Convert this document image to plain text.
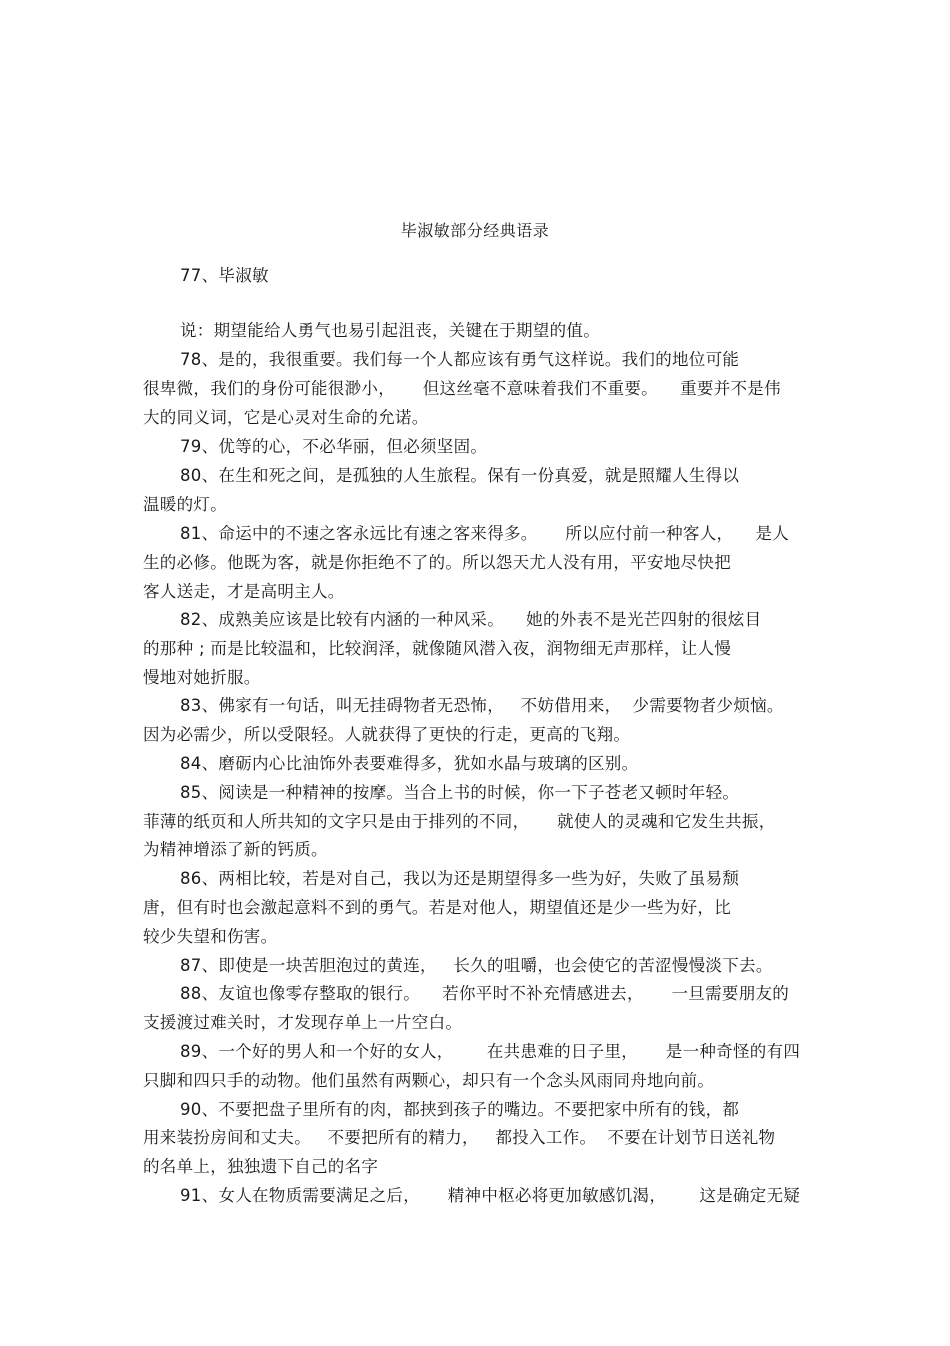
毕淑敏部分经典语录
77、毕淑敏
说：期望能给人勇气也易引起沮丧，关键在于期望的值。
78、是的，我很重要。我们每一个人都应该有勇气这样说。我们的地位可能
很卑微，我们的身份可能很渺小，     但这丝毫不意味着我们不重要。    重要并不是伟
大的同义词，它是心灵对生命的允诺。
79、优等的心，不必华丽，但必须坚固。
80、在生和死之间，是孤独的人生旅程。保有一份真爱，就是照耀人生得以
温暖的灯。
81、命运中的不速之客永远比有速之客来得多。     所以应付前一种客人，    是人
生的必修。他既为客，就是你拒绝不了的。所以怨天尤人没有用，平安地尽快把
客人送走，才是高明主人。
82、成熟美应该是比较有内涵的一种风采。    她的外表不是光芒四射的很炫目
的那种 ; 而是比较温和，比较润泽，就像随风潜入夜，润物细无声那样，让人慢
慢地对她折服。
83、佛家有一句话，叫无挂碍物者无恐怖，   不妨借用来，  少需要物者少烦恼。
因为必需少，所以受限轻。人就获得了更快的行走，更高的飞翔。
84、磨砺内心比油饰外表要难得多，犹如水晶与玻璃的区别。
85、阅读是一种精神的按摩。当合上书的时候，你一下子苍老又顿时年轻。
菲薄的纸页和人所共知的文字只是由于排列的不同，     就使人的灵魂和它发生共振，
为精神增添了新的钙质。
86、两相比较，若是对自己，我以为还是期望得多一些为好，失败了虽易颓
唐，但有时也会激起意料不到的勇气。若是对他人，期望值还是少一些为好，比
较少失望和伤害。
87、即使是一块苦胆泡过的黄连，   长久的咀嚼，也会使它的苦涩慢慢淡下去。
88、友谊也像零存整取的银行。    若你平时不补充情感进去，     一旦需要朋友的
支援渡过难关时，才发现存单上一片空白。
89、一个好的男人和一个好的女人，      在共患难的日子里，     是一种奇怪的有四
只脚和四只手的动物。他们虽然有两颗心，却只有一个念头风雨同舟地向前。
90、不要把盘子里所有的肉，都挟到孩子的嘴边。不要把家中所有的钱，都
用来装扮房间和丈夫。   不要把所有的精力，   都投入工作。  不要在计划节日送礼物
的名单上，独独遗下自己的名字
91、女人在物质需要满足之后，     精神中枢必将更加敏感饥渴，      这是确定无疑
